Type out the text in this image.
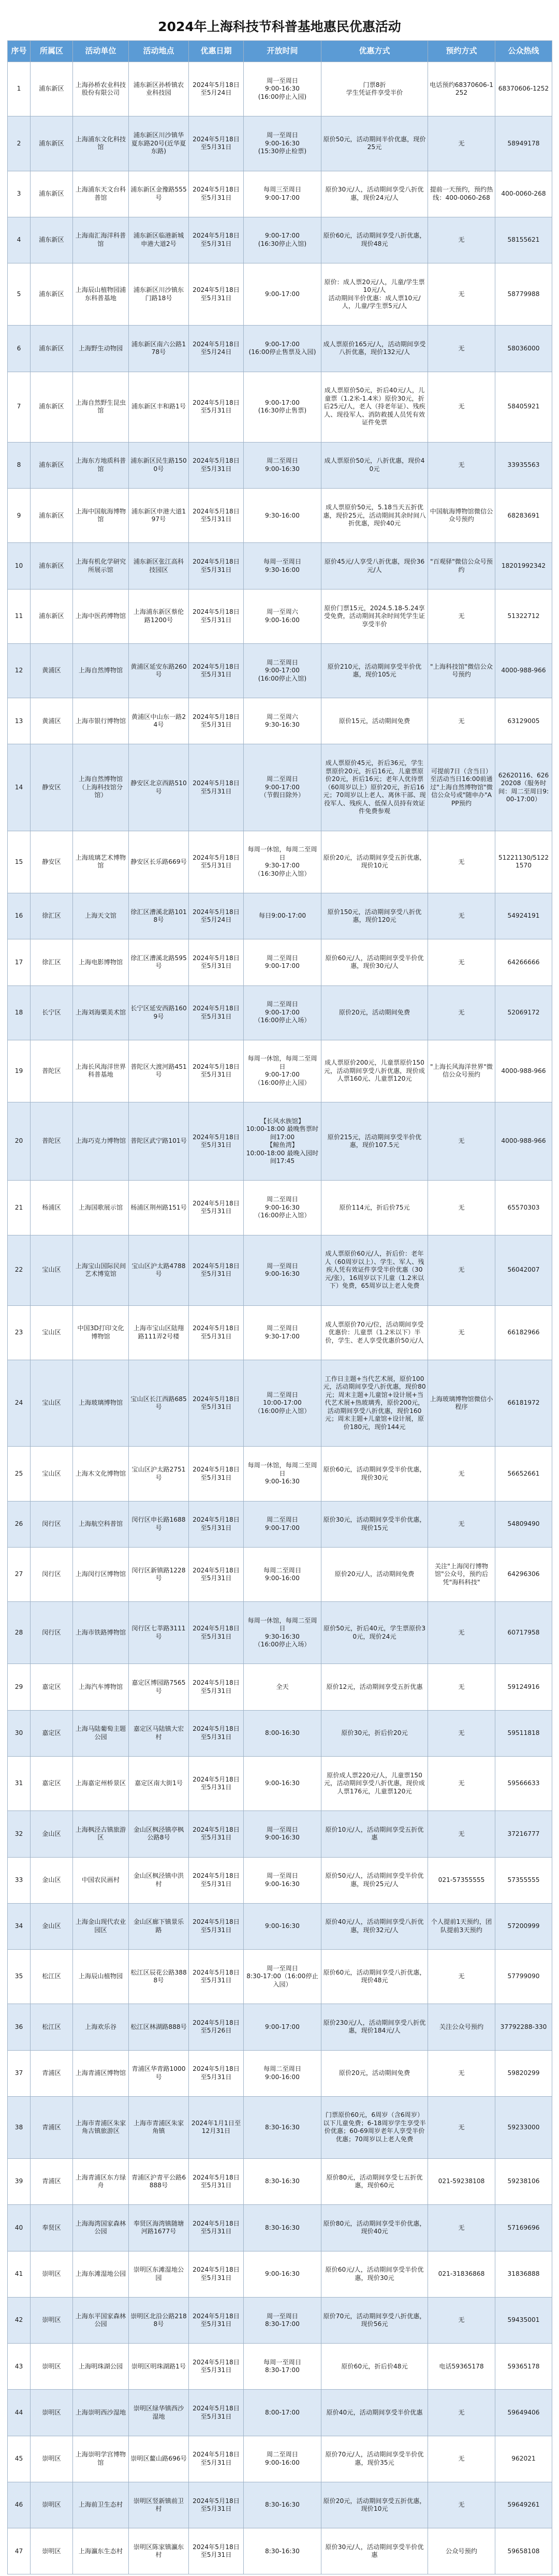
2024年上海科技节科普基地惠民优惠活动
序号	所属区	活动单位	活动地点	优惠日期	开放时间	优惠方式	预约方式	公众热线
1	浦东新区	上海孙桥农业科技股份有限公司	浦东新区孙桥镇农业科技园	2024年5月18日至5月24日	周一至周日
9:00-16:30
(16:00停止入园)	门票8折
学生凭证件享受半价	电话预约68370606-1252	68370606-1252
2	浦东新区	上海浦东文化科技馆	浦东新区川沙镇华夏东路20号(近华夏东路)	2024年5月18日至5月31日	周一至周日
9:00-16:30
(15:30停止检票)	原价50元，活动期间半价优惠，现价25元	无	58949178
3	浦东新区	上海浦东天文台科普馆	浦东新区金豫路555号	2024年5月18日至5月31日	每周三至周日
9:00-17:00	原价30元/人，活动期间享受八折优惠，现价24元/人	提前一天预约，预约热线：400-0060-268	400-0060-268
4	浦东新区	上海南汇海洋科普馆	浦东新区临港新城申港大道2号	2024年5月18日至5月31日	9:00-17:00
(16:30停止入馆)	原价60元，活动期间享受八折优惠，现价48元	无	58155621
5	浦东新区	上海辰山植物园浦东科普基地	浦东新区川沙镇东门路18号	2024年5月18日至5月31日	9:00-17:00	原价：成人票20元/人，儿童/学生票10元/人
活动期间半价优惠：成人票10元/人，儿童/学生票5元/人	无	58779988
6	浦东新区	上海野生动物园	浦东新区南六公路178号	2024年5月18日至5月24日	9:00-17:00
(16:00停止售票及入园)	成人票原价165元/人，活动期间享受八折优惠，现价132元/人	无	58036000
7	浦东新区	上海自然野生昆虫馆	浦东新区丰和路1号	2024年5月18日至5月31日	9:00-17:00
(16:30停止售票)	成人票原价50元，折后40元/人，儿童票（1.2米-1.4米）原价30元，折后25元/人，老人（持老年证）、残疾人、现役军人、消防救援人员凭有效证件免票	无	58405921
8	浦东新区	上海东方地质科普馆	浦东新区民生路1500号	2024年5月18日至5月31日	周二至周日
9:00-16:30	成人票原价50元，八折优惠，现价40元	无	33935563
9	浦东新区	上海中国航海博物馆	浦东新区申港大道197号	2024年5月18日至5月31日	9:30-16:00	成人票原价50元，5.18当天五折优惠，现价25元，活动期间其余时间八折优惠，现价40元	中国航海博物馆微信公众号预约	68283691
10	浦东新区	上海有机化学研究所展示馆	浦东新区张江高科技园区	2024年5月18日至5月31日	每周一至周日
9:30-16:00	原价45元/人享受八折优惠，现价36元/人	"百观驿"微信公众号预约	18201992342
11	浦东新区	上海中医药博物馆	上海浦东新区蔡伦路1200号	2024年5月18日至5月31日	周一至周六
9:00-16:00	原价门票15元，2024.5.18-5.24享受免费，活动期间其余时间凭学生证享受半价	无	51322712
12	黄浦区	上海自然博物馆	黄浦区延安东路260号	2024年5月18日至5月31日	周二至周日
9:00-17:00
(16:00停止入馆)	原价210元，活动期间享受半价优惠，现价105元	"上海科技馆"微信公众号预约	4000-988-966
13	黄浦区	上海市银行博物馆	黄浦区中山东一路24号	2024年5月18日至5月31日	周二至周六
9:30-16:30	原价15元，活动期间免费	无	63129005
14	静安区	上海自然博物馆（上海科技馆分馆）	静安区北京西路510号	2024年5月18日至5月31日	周二至周日
9:00-17:00
（节假日除外）	成人票原价45元，折后36元，学生票原价20元，折后16元，儿童票原价20元，折后16元；老年人优待票（60周岁以上）原价20元，折后16元；70周岁以上老人、离休干部、现役军人、残疾人、低保人员持有效证件免费参观	可提前7日（含当日）至活动当日16:00前通过"上海自然博物馆"微信公众号或"随申办"APP预约	62620116、62620208（服务时间：周二至周日9:00-17:00）
15	静安区	上海琉璃艺术博物馆	静安区长乐路669号	2024年5月18日至5月31日	每周一休馆，每周二至周日
9:30-17:00
（16:30停止入馆）	原价20元，活动期间享受五折优惠，现价10元	无	51221130/51221570
16	徐汇区	上海天文馆	徐汇区漕溪北路1018号	2024年5月18日至5月24日	每日9:00-17:00	原价150元，活动期间享受八折优惠，现价120元	无	54924191
17	徐汇区	上海电影博物馆	徐汇区漕溪北路595号	2024年5月18日至5月31日	周二至周日
9:00-17:00	原价60元/人，活动期间享受半价优惠，现价30元/人	无	64266666
18	长宁区	上海刘海粟美术馆	长宁区延安西路1609号	2024年5月18日至5月31日	周二至周日
9:00-17:00
（16:00停止入场）	原价20元，活动期间免费	无	52069172
19	普陀区	上海长风海洋世界科普基地	普陀区大渡河路451号	2024年5月18日至5月31日	每周一休馆，每周二至周日
9:00-17:00
（16:00停止入园）	成人票原价200元，儿童票原价150元，活动期间享受八折优惠，现价成人票160元、儿童票120元	"上海长风海洋世界"微信公众号预约	4000-988-966
20	普陀区	上海巧克力博物馆	普陀区武宁路101号	2024年5月18日至5月31日	【长风水族馆】
10:00-18:00 最晚售票时间17:00
【鲸鱼湾】
10:00-18:00 最晚入园时间17:45	原价215元，活动期间享受半价优惠，现价107.5元	无	4000-988-966
21	杨浦区	上海国歌展示馆	杨浦区荆州路151号	2024年5月18日至5月31日	周二至周日
9:00-16:30
（16:00停止入馆）	原价114元，折后价75元	无	65570303
22	宝山区	上海宝山国际民间艺术博览馆	宝山区沪太路4788号	2024年5月18日至5月31日	周一至周日
9:00-16:30	成人票原价60元/人，折后价：老年人（60周岁以上）、学生、军人、残疾人凭有效证件享受半价优惠（30元/张），16周岁以下儿童（1.2米以下）免费，65周岁以上老人免费	无	56042007
23	宝山区	中国3D打印文化博物馆	上海市宝山区陆翔路111弄2号楼	2024年5月18日至5月31日	周二至周日
9:30-17:00	成人票原价70元/位，活动期间享受优惠价：儿童票（1.2米以下）半价，学生、老人享受优惠价50元/人	无	66182966
24	宝山区	上海玻璃博物馆	宝山区长江西路685号	2024年5月18日至5月31日	周二至周日
10:00-17:00
（16:00停止入馆）	工作日主题+当代艺术展，原价100元，活动期间享受八折优惠，现价80元；周末主题+儿童馆+设计展+当代艺术展+热玻璃秀，原价200元，活动期间享受八折优惠，现价160元；周末主题+儿童馆+设计展，原价180元，现价144元	上海玻璃博物馆微信小程序	66181972
25	宝山区	上海木文化博物馆	宝山区沪太路2751号	2024年5月18日至5月31日	每周一休馆，每周二至周日
9:00-16:30	原价60元，活动期间享受半价优惠，现价30元	无	56652661
26	闵行区	上海航空科普馆	闵行区申长路1688号	2024年5月18日至5月31日	周二至周日
9:00-17:00	原价30元，活动期间享受半价优惠，现价15元	无	54809490
27	闵行区	上海闵行区博物馆	闵行区新镇路1228号	2024年5月18日至5月31日	每周二至周日
9:00-16:00	原价20元/人，活动期间免费	关注"上海闵行博物馆"公众号，预约后凭"海科科技"	64296306
28	闵行区	上海市铁路博物馆	闵行区七莘路3111号	2024年5月18日至5月31日	每周一休馆，每周二至周日
9:30-16:30
（16:00停止入场）	原价50元，折后40元，学生票原价30元，现价24元	无	60717958
29	嘉定区	上海汽车博物馆	嘉定区博园路7565号	2024年5月18日至5月31日	全天	原价12元，活动期间享受五折优惠	无	59124916
30	嘉定区	上海马陆葡萄主题公园	嘉定区马陆镇大宏村	2024年5月18日至5月31日	8:00-16:30	原价30元，折后价20元	无	59511818
31	嘉定区	上海嘉定州桥景区	嘉定区南大街1号	2024年5月18日至5月31日	9:00-16:30	原价成人票220元/人，儿童票150元，活动期间享受八折优惠，现价成人票176元，儿童票120元	无	59566633
32	金山区	上海枫泾古镇旅游区	金山区枫泾镇亭枫公路8号	2024年5月18日至5月31日	周一至周日
9:00-16:30	原价10元/人，活动期间享受五折优惠	无	37216777
33	金山区	中国农民画村	金山区枫泾镇中洪村	2024年5月18日至5月31日	周一至周日
9:00-16:30	原价50元/人，活动期间享受半价优惠，现价25元/人	021-57355555	57355555
34	金山区	上海金山现代农业园区	金山区廊下镇景乐路	2024年5月18日至5月31日	9:00-16:30	原价40元/人，活动期间享受八折优惠，现价32元/人	个人提前1天预约，团队提前3天预约	57200999
35	松江区	上海辰山植物园	松江区辰花公路3888号	2024年5月18日至5月31日	周一至周日
8:30-17:00（16:00停止入园）	原价60元，活动期间享受八折优惠，现价48元	无	57799090
36	松江区	上海欢乐谷	松江区林湖路888号	2024年5月18日至5月26日	9:00-17:00	原价230元/人，活动期间享受八折优惠，现价184元/人	关注公众号预约	37792288-330
37	青浦区	上海青浦区博物馆	青浦区华青路1000号	2024年5月18日至5月31日	每周二至周日
9:00-16:00	原价20元，活动期间免费	无	59820299
38	青浦区	上海市青浦区朱家角古镇旅游区	上海市青浦区朱家角镇	2024年1月1日至12月31日	8:30-16:30	门票原价60元，6周岁（含6周岁）以下儿童免费；6-18周岁学生享受半价优惠；60-69周岁老年人享受半价优惠；70周岁以上老人免费	无	59233000
39	青浦区	上海青浦区东方绿舟	青浦区沪青平公路6888号	2024年5月18日至5月31日	8:30-16:30	原价80元，活动期间享受七五折优惠，现价60元	021-59238108	59238106
40	奉贤区	上海海湾国家森林公园	奉贤区海湾镇随塘河路1677号	2024年5月18日至5月31日	8:30-16:30	原价80元，活动期间享受半价优惠，现价40元	无	57169696
41	崇明区	上海东滩湿地公园	崇明区东滩湿地公园	2024年5月18日至5月31日	9:00-16:30	原价60元/人，活动期间享受半价优惠，现价30元	021-31836868	31836888
42	崇明区	上海东平国家森林公园	崇明区北沿公路2188号	2024年5月18日至5月31日	周一至周日
8:30-17:00	原价70元，活动期间享受八折优惠，现价56元	无	59435001
43	崇明区	上海明珠湖公园	崇明区明珠湖路1号	2024年5月18日至5月31日	每周一至周日
8:30-17:00	原价60元，折后价48元	电话59365178	59365178
44	崇明区	上海崇明西沙湿地	崇明区绿华镇西沙湿地	2024年5月18日至5月31日	8:00-17:00	原价40元，活动期间享受半价优惠	无	59649406
45	崇明区	上海崇明学宫博物馆	崇明区鳌山路696号	2024年5月18日至5月31日	周二至周日
9:00-16:00	原价70元/人，活动期间享受半价优惠，现价35元	无	962021
46	崇明区	上海前卫生态村	崇明区竖新镇前卫村	2024年5月18日至5月31日	8:30-16:30	原价20元，活动期间享受五折优惠，现价10元	无	59649261
47	崇明区	上海瀛东生态村	崇明区陈家镇瀛东村	2024年5月18日至5月31日	8:30-16:30	原价30元/人，活动期间享受半价优惠	公众号预约	59658108
